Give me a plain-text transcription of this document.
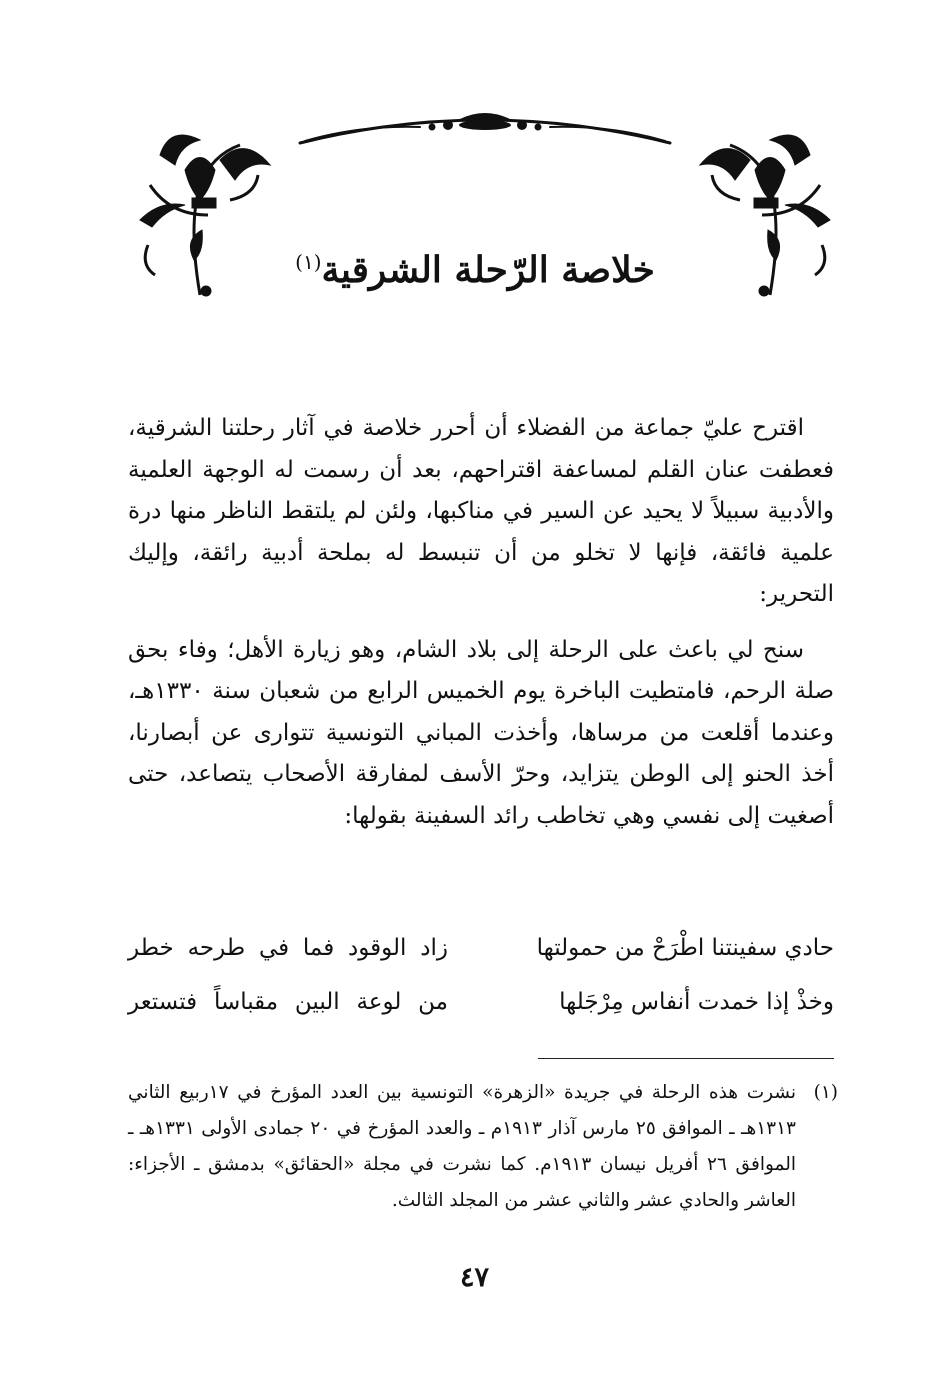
خلاصة الرّحلة الشرقية$^{(١)}$

اقترح عليّ جماعة من الفضلاء أن أحرر خلاصة في آثار رحلتنا الشرقية، فعطفت عنان القلم لمساعفة اقتراحهم، بعد أن رسمت له الوجهة العلمية والأدبية سبيلاً لا يحيد عن السير في مناكبها، ولئن لم يلتقط الناظر منها درة علمية فائقة، فإنها لا تخلو من أن تنبسط له بملحة أدبية رائقة، وإليك التحرير:

سنح لي باعث على الرحلة إلى بلاد الشام، وهو زيارة الأهل؛ وفاء بحق صلة الرحم، فامتطيت الباخرة يوم الخميس الرابع من شعبان سنة ١٣٣٠هـ، وعندما أقلعت من مرساها، وأخذت المباني التونسية تتوارى عن أبصارنا، أخذ الحنو إلى الوطن يتزايد، وحرّ الأسف لمفارقة الأصحاب يتصاعد، حتى أصغيت إلى نفسي وهي تخاطب رائد السفينة بقولها:

حادي سفينتنا اطْرَحْ من حمولتها
زاد الوقود فما في طرحه خطر
وخذْ إذا خمدت أنفاس مِرْجَلها
من لوعة البين مقباساً فتستعر
(١)
نشرت هذه الرحلة في جريدة «الزهرة» التونسية بين العدد المؤرخ في ١٧ربيع الثاني ١٣١٣هـ ـ الموافق ٢٥ مارس آذار ١٩١٣م ـ والعدد المؤرخ في ٢٠ جمادى الأولى ١٣٣١هـ ـ الموافق ٢٦ أفريل نيسان ١٩١٣م. كما نشرت في مجلة «الحقائق» بدمشق ـ الأجزاء: العاشر والحادي عشر والثاني عشر من المجلد الثالث.
٤٧
